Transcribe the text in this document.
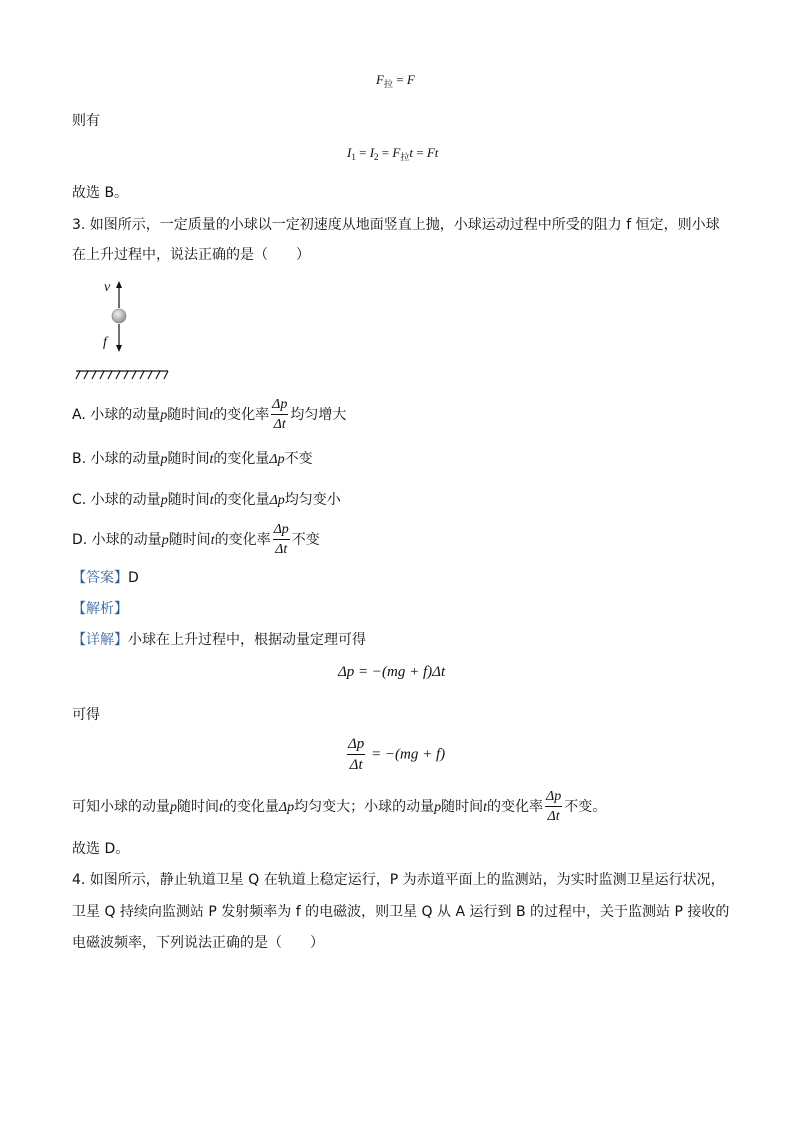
$F_拉 = F$
则有
$I_1 = I_2 = F_拉t = Ft$
故选 B。
3. 如图所示，一定质量的小球以一定初速度从地面竖直上抛，小球运动过程中所受的阻力 f 恒定，则小球
在上升过程中，说法正确的是（　　）
v
f
A. 小球的动量p随时间t的变化率 $\frac{\Delta p}{\Delta t}$ 均匀增大
B. 小球的动量p随时间t的变化量Δp不变
C. 小球的动量p随时间t的变化量Δp均匀变小
D. 小球的动量p随时间t的变化率 $\frac{\Delta p}{\Delta t}$ 不变
【答案】D
【解析】
【详解】小球在上升过程中，根据动量定理可得
Δp = −(mg + f)Δt
可得
$\frac{\Delta p}{\Delta t} = -(mg + f)$
可知小球的动量p随时间t的变化量Δp均匀变大；小球的动量p随时间t的变化率 $\frac{\Delta p}{\Delta t}$ 不变。
故选 D。
4. 如图所示，静止轨道卫星 Q 在轨道上稳定运行，P 为赤道平面上的监测站，为实时监测卫星运行状况，
卫星 Q 持续向监测站 P 发射频率为 f 的电磁波，则卫星 Q 从 A 运行到 B 的过程中，关于监测站 P 接收的
电磁波频率，下列说法正确的是（　　）
